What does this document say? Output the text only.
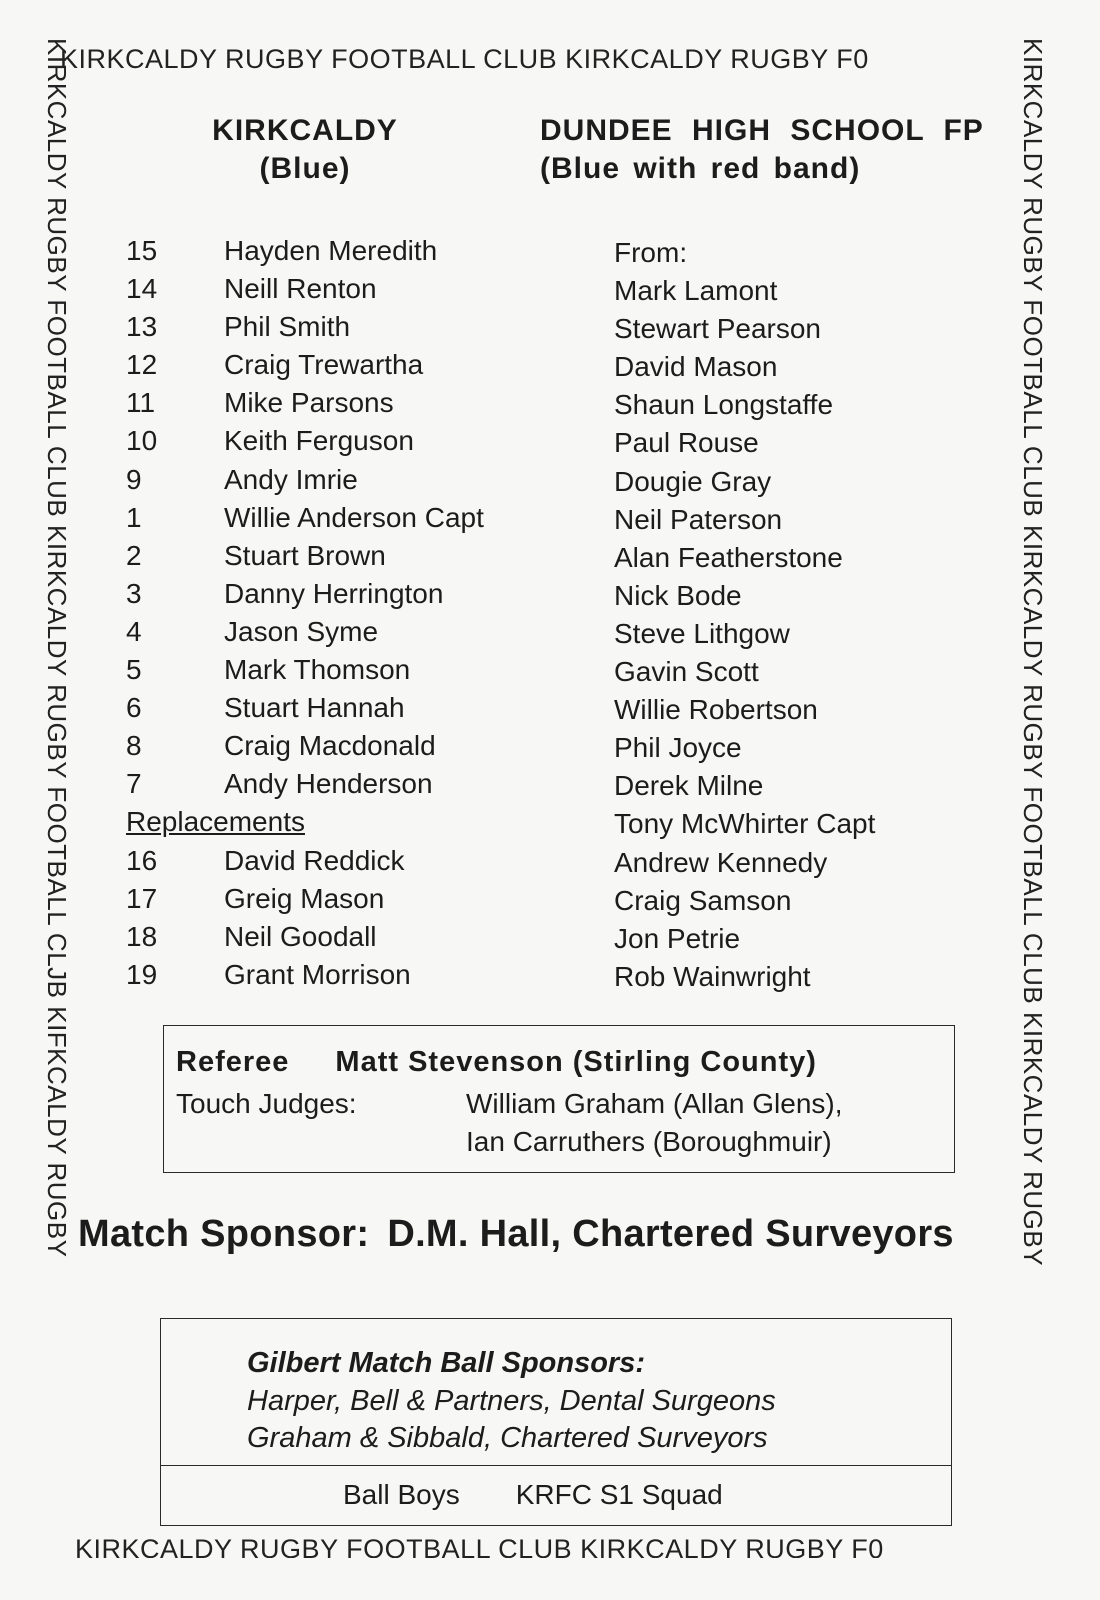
KIRKCALDY RUGBY FOOTBALL CLUB KIRKCALDY RUGBY F0
KIRKCALDY RUGBY FOOTBALL CLUB KIRKCALDY RUGBY F0
KIRKCALDY RUGBY FOOTBALL CLUB KIRKCALDY RUGBY FOOTBALL CLJB KIFKCALDY RUGBY	KIRKCALDY RUGBY FOOTBALL CLUB KIRKCALDY RUGBY FOOTBALL CLUB KIRKCALDY RUGBY
KIRKCALDY
(Blue)
DUNDEE HIGH SCHOOL FP
(Blue with red band)
15	Hayden Meredith
14	Neill Renton
13	Phil Smith
12	Craig Trewartha
11	Mike Parsons
10	Keith Ferguson
9	Andy Imrie
1	Willie Anderson Capt
2	Stuart Brown
3	Danny Herrington
4	Jason Syme
5	Mark Thomson
6	Stuart Hannah
8	Craig Macdonald
7	Andy Henderson
Replacements
16	David Reddick
17	Greig Mason
18	Neil Goodall
19	Grant Morrison
From:
Mark Lamont
Stewart Pearson
David Mason
Shaun Longstaffe
Paul Rouse
Dougie Gray
Neil Paterson
Alan Featherstone
Nick Bode
Steve Lithgow
Gavin Scott
Willie Robertson
Phil Joyce
Derek Milne
Tony McWhirter Capt
Andrew Kennedy
Craig Samson
Jon Petrie
Rob Wainwright
Referee Matt Stevenson (Stirling County)
Touch Judges:	William Graham (Allan Glens),
Ian Carruthers (Boroughmuir)
Match Sponsor: D.M. Hall, Chartered Surveyors
Gilbert Match Ball Sponsors:
Harper, Bell & Partners, Dental Surgeons
Graham & Sibbald, Chartered Surveyors
Ball Boys KRFC S1 Squad
